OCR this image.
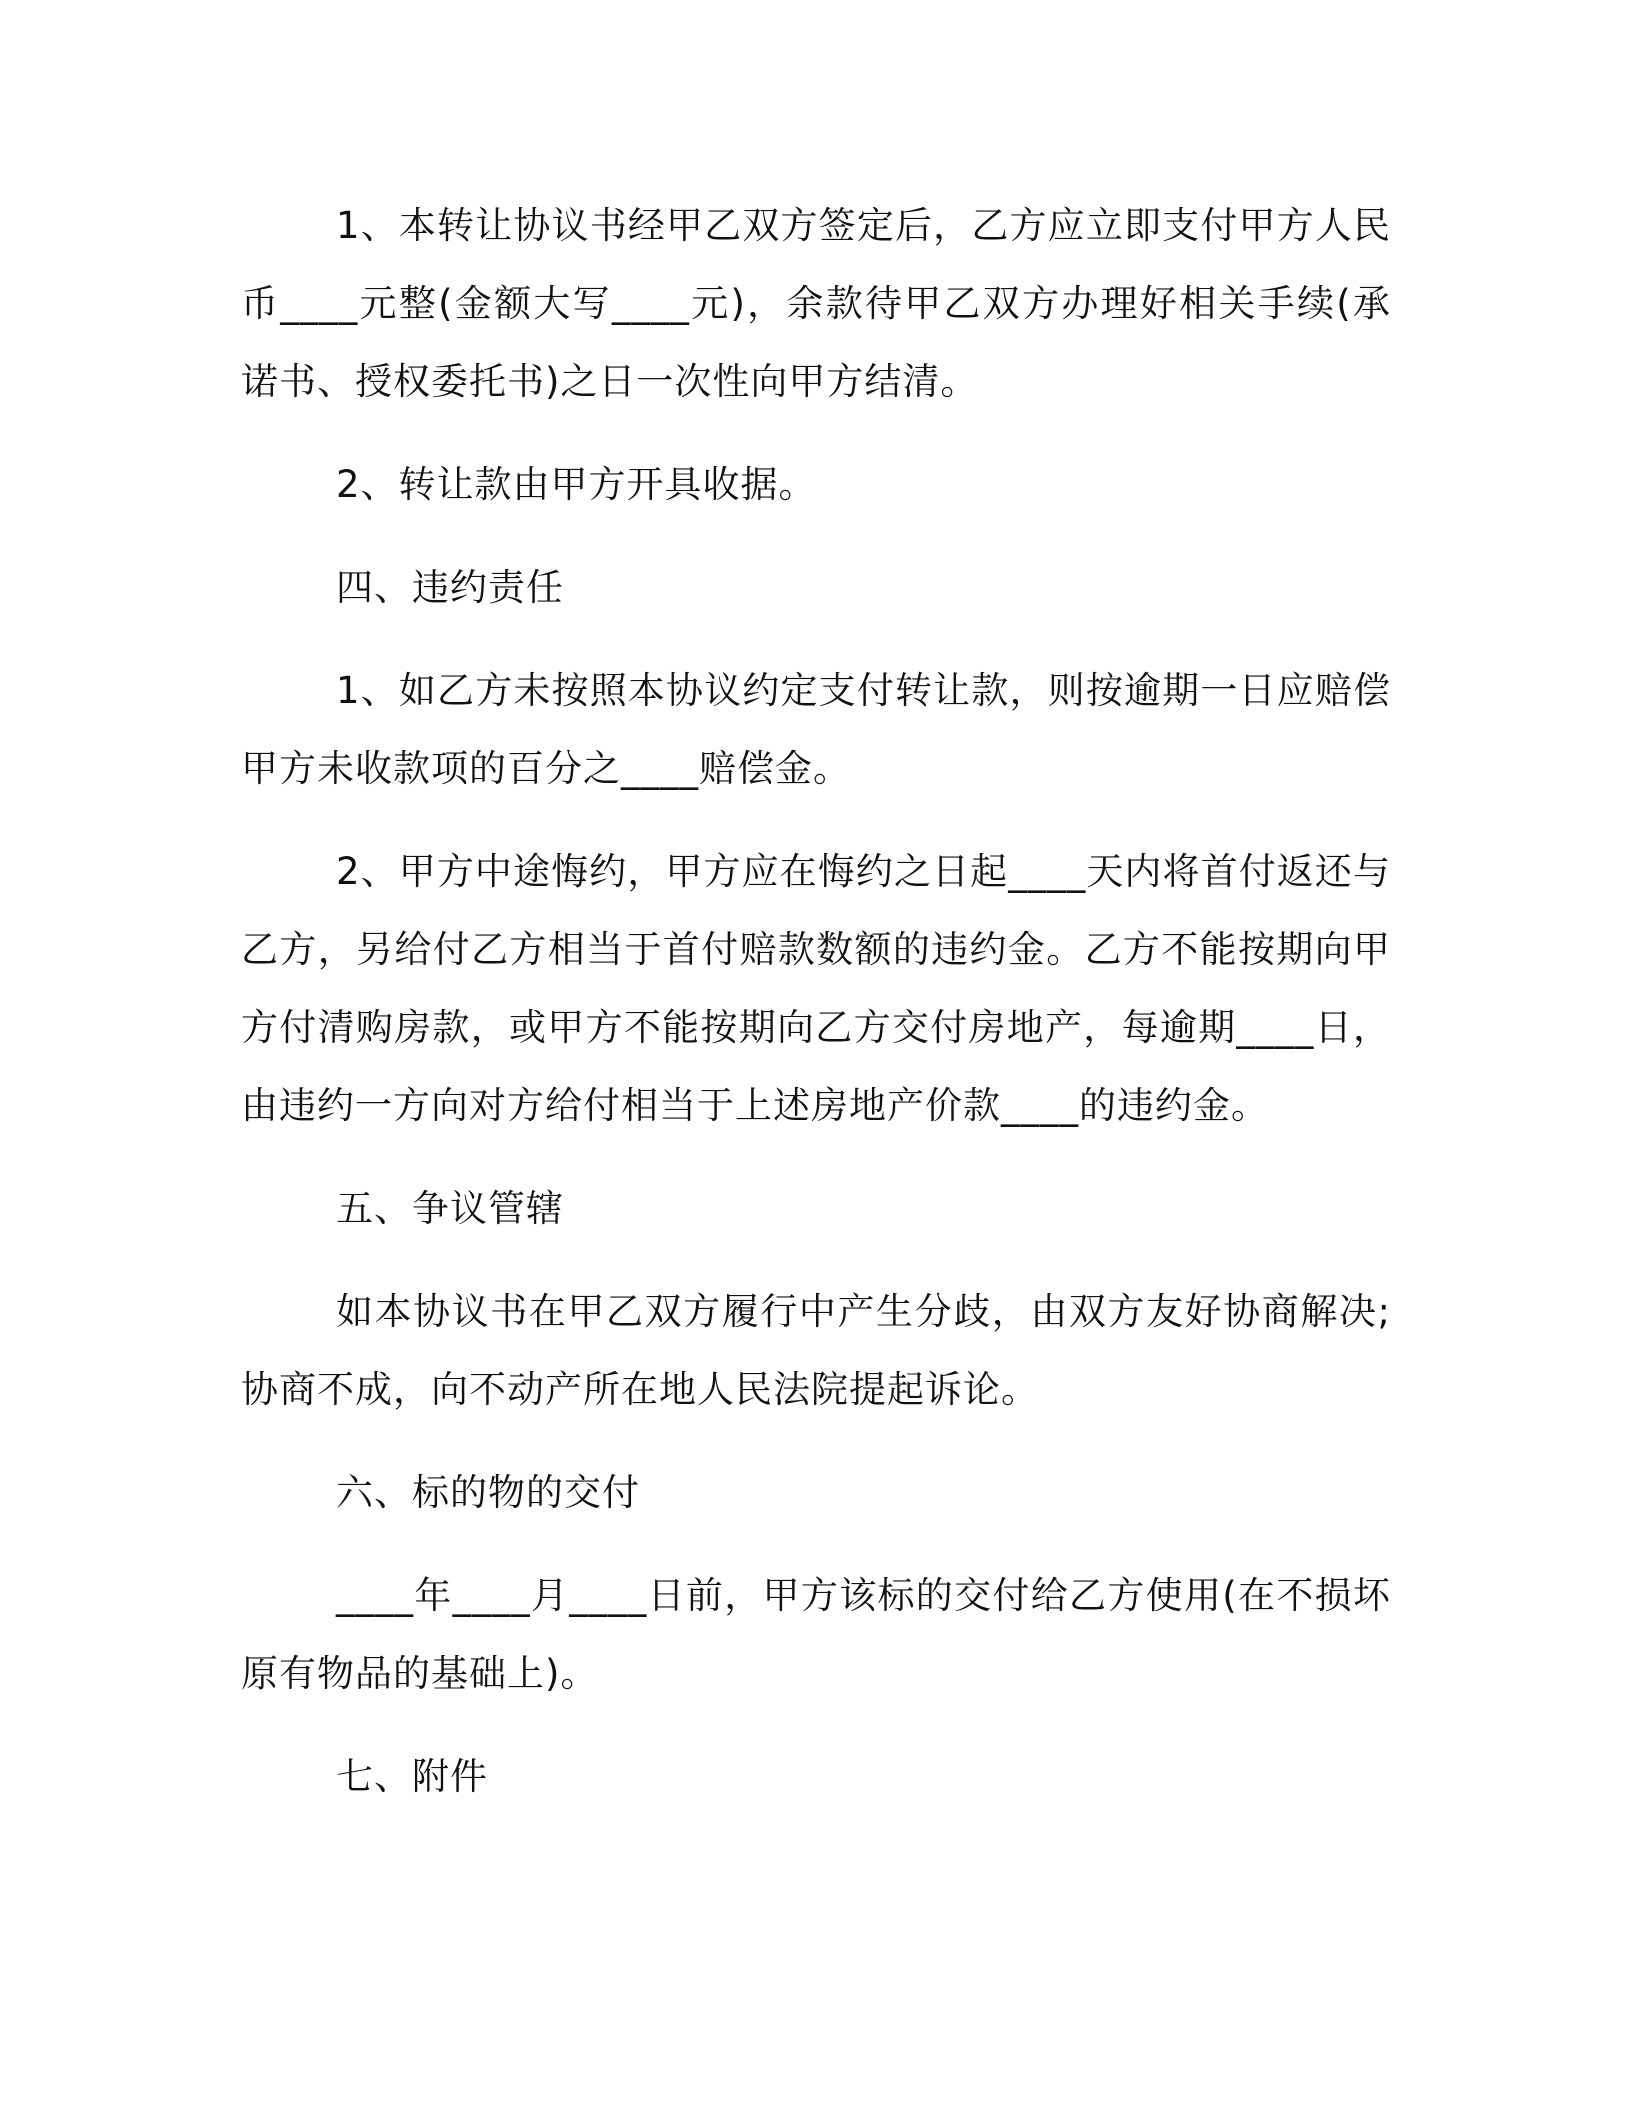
1、本转让协议书经甲乙双方签定后，乙方应立即支付甲方人民币____元整(金额大写____元)，余款待甲乙双方办理好相关手续(承诺书、授权委托书)之日一次性向甲方结清。

2、转让款由甲方开具收据。

四、违约责任

1、如乙方未按照本协议约定支付转让款，则按逾期一日应赔偿甲方未收款项的百分之____赔偿金。

2、甲方中途悔约，甲方应在悔约之日起____天内将首付返还与乙方，另给付乙方相当于首付赔款数额的违约金。乙方不能按期向甲方付清购房款，或甲方不能按期向乙方交付房地产，每逾期____日，由违约一方向对方给付相当于上述房地产价款____的违约金。

五、争议管辖

如本协议书在甲乙双方履行中产生分歧，由双方友好协商解决;协商不成，向不动产所在地人民法院提起诉论。

六、标的物的交付

____年____月____日前，甲方该标的交付给乙方使用(在不损坏原有物品的基础上)。

七、附件
